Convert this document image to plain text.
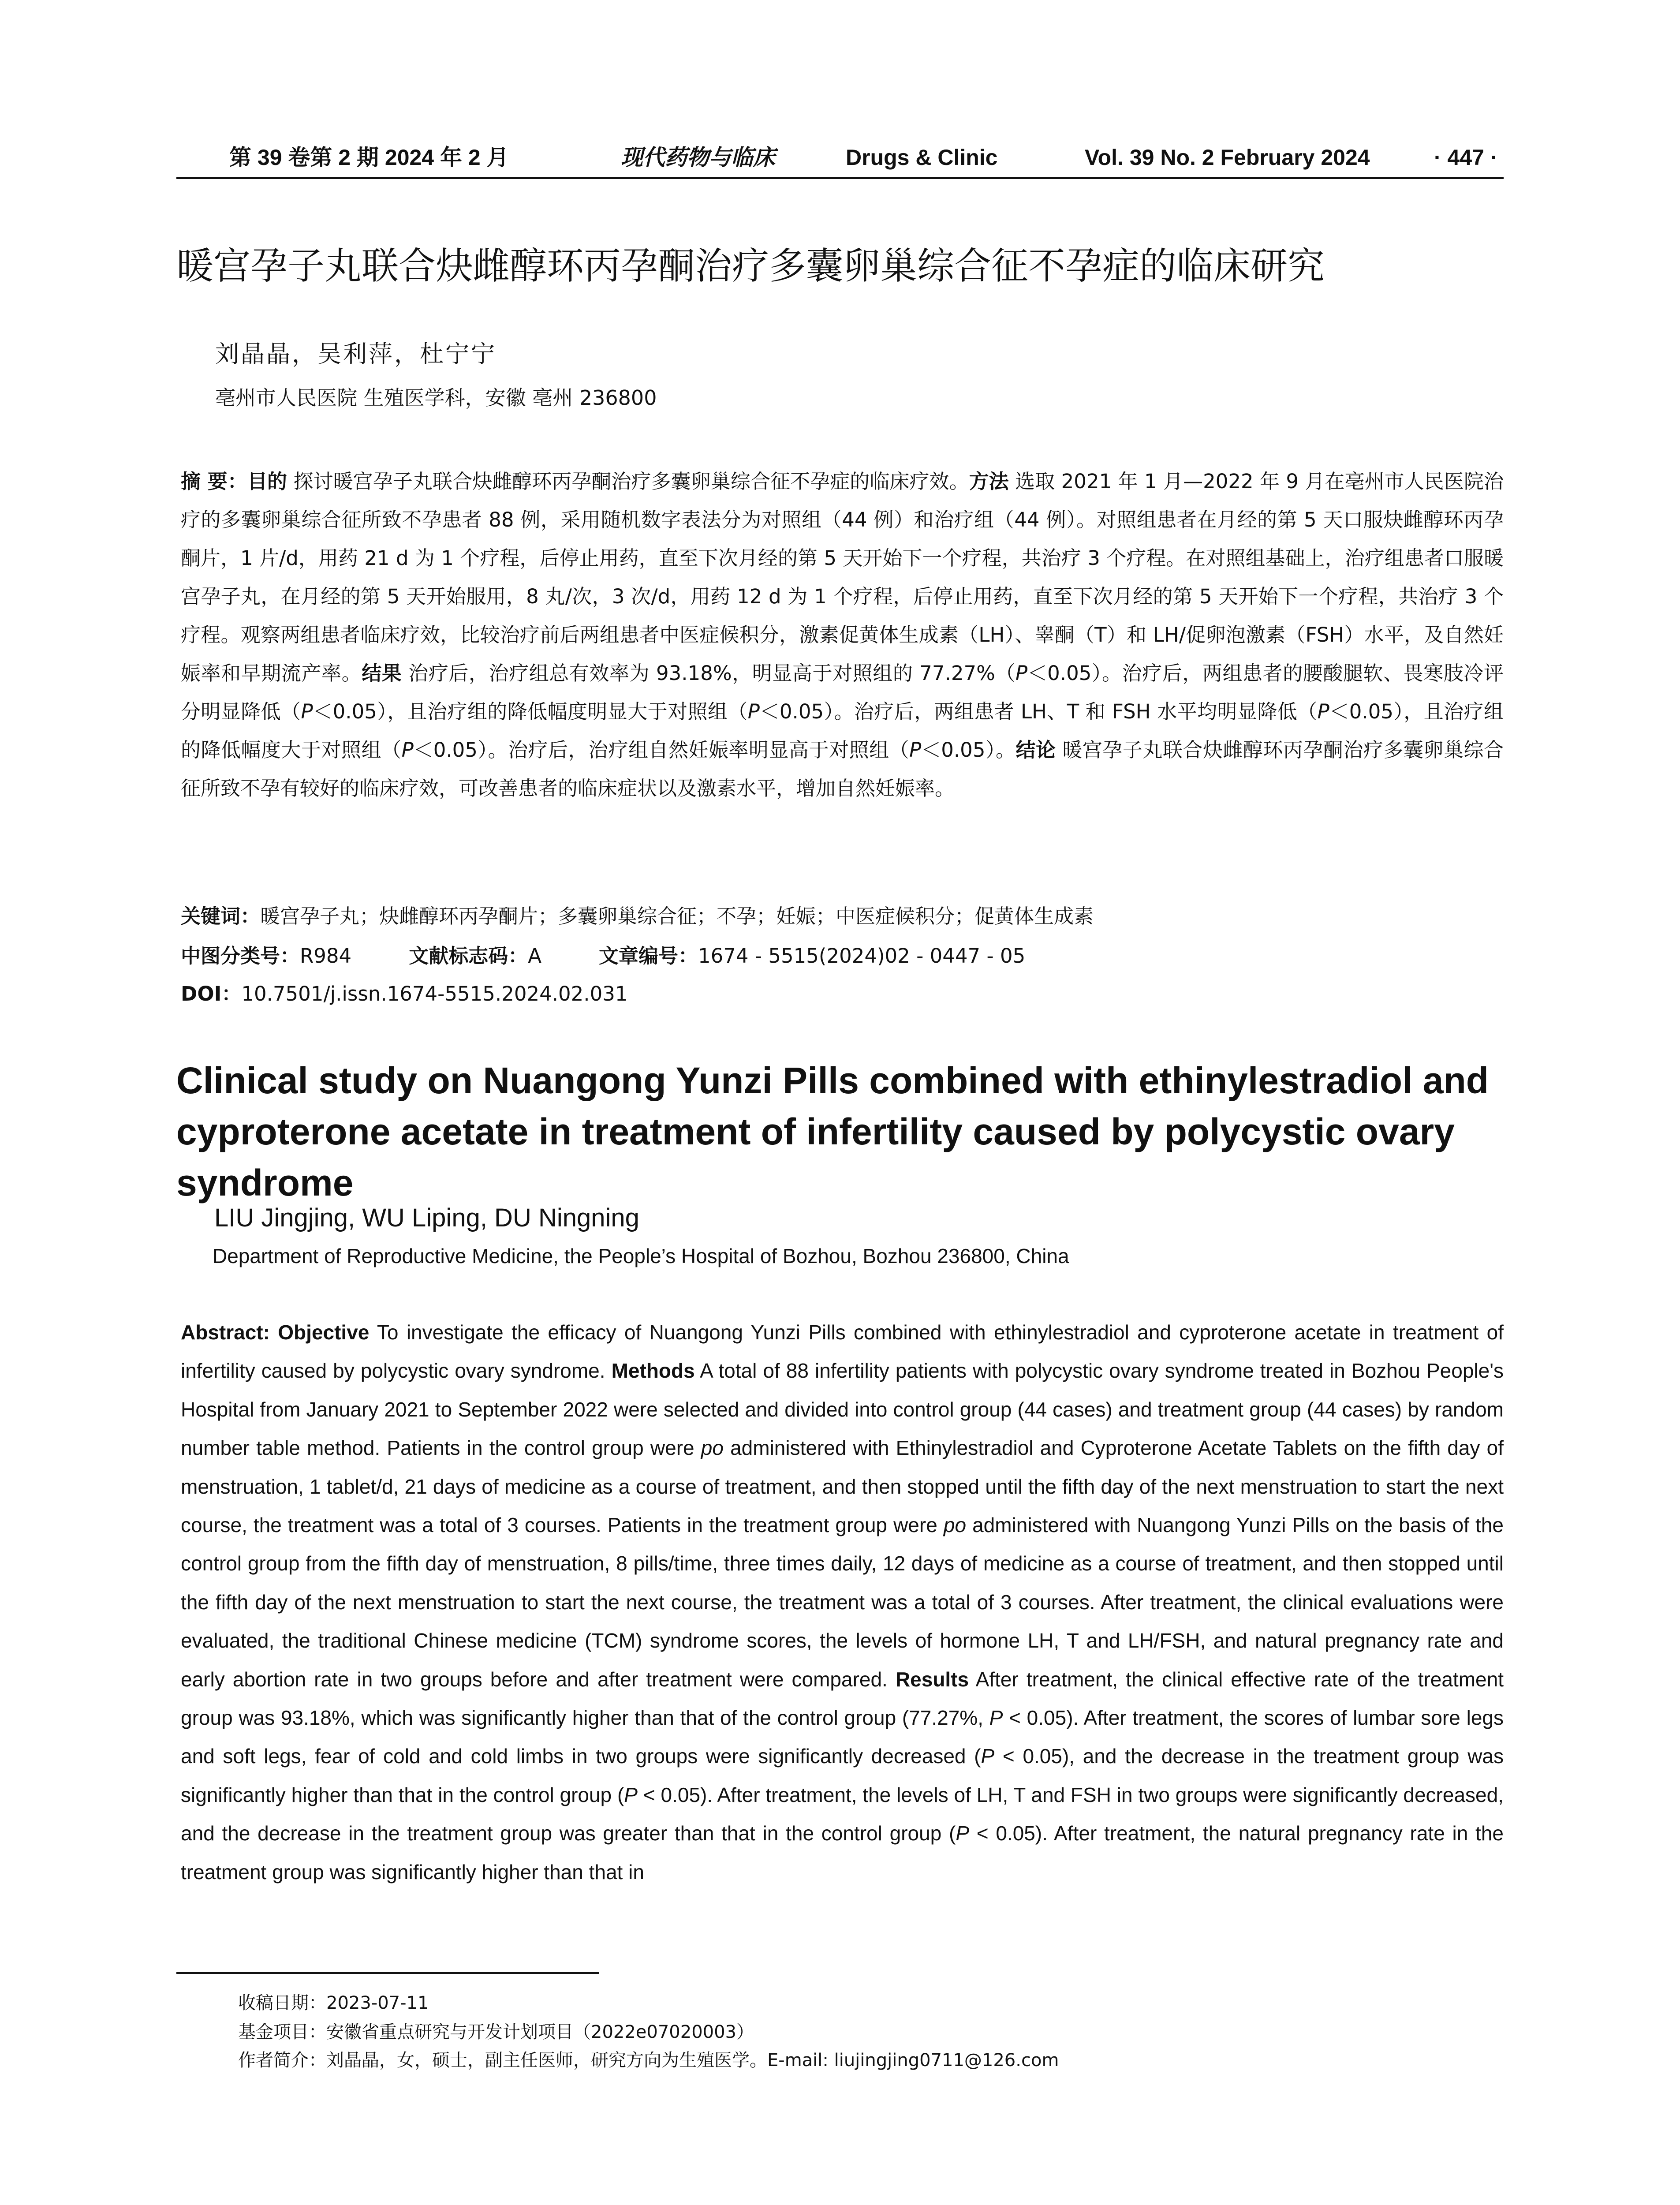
第 39 卷第 2 期 2024 年 2 月	现代药物与临床	Drugs & Clinic	Vol. 39 No. 2 February 2024	· 447 ·
暖宫孕子丸联合炔雌醇环丙孕酮治疗多囊卵巢综合征不孕症的临床研究
刘晶晶，吴利萍，杜宁宁
亳州市人民医院 生殖医学科，安徽 亳州 236800
摘 要：目的 探讨暖宫孕子丸联合炔雌醇环丙孕酮治疗多囊卵巢综合征不孕症的临床疗效。方法 选取 2021 年 1 月—2022 年 9 月在亳州市人民医院治疗的多囊卵巢综合征所致不孕患者 88 例，采用随机数字表法分为对照组（44 例）和治疗组（44 例）。对照组患者在月经的第 5 天口服炔雌醇环丙孕酮片，1 片/d，用药 21 d 为 1 个疗程，后停止用药，直至下次月经的第 5 天开始下一个疗程，共治疗 3 个疗程。在对照组基础上，治疗组患者口服暖宫孕子丸，在月经的第 5 天开始服用，8 丸/次，3 次/d，用药 12 d 为 1 个疗程，后停止用药，直至下次月经的第 5 天开始下一个疗程，共治疗 3 个疗程。观察两组患者临床疗效，比较治疗前后两组患者中医症候积分，激素促黄体生成素（LH）、睾酮（T）和 LH/促卵泡激素（FSH）水平，及自然妊娠率和早期流产率。结果 治疗后，治疗组总有效率为 93.18%，明显高于对照组的 77.27%（P＜0.05）。治疗后，两组患者的腰酸腿软、畏寒肢冷评分明显降低（P＜0.05），且治疗组的降低幅度明显大于对照组（P＜0.05）。治疗后，两组患者 LH、T 和 FSH 水平均明显降低（P＜0.05），且治疗组的降低幅度大于对照组（P＜0.05）。治疗后，治疗组自然妊娠率明显高于对照组（P＜0.05）。结论 暖宫孕子丸联合炔雌醇环丙孕酮治疗多囊卵巢综合征所致不孕有较好的临床疗效，可改善患者的临床症状以及激素水平，增加自然妊娠率。
关键词：暖宫孕子丸；炔雌醇环丙孕酮片；多囊卵巢综合征；不孕；妊娠；中医症候积分；促黄体生成素
中图分类号：R984	文献标志码：A	文章编号：1674 - 5515(2024)02 - 0447 - 05
DOI：10.7501/j.issn.1674-5515.2024.02.031
Clinical study on Nuangong Yunzi Pills combined with ethinylestradiol and cyproterone acetate in treatment of infertility caused by polycystic ovary syndrome
LIU Jingjing, WU Liping, DU Ningning
Department of Reproductive Medicine, the People’s Hospital of Bozhou, Bozhou 236800, China
Abstract: Objective To investigate the efficacy of Nuangong Yunzi Pills combined with ethinylestradiol and cyproterone acetate in treatment of infertility caused by polycystic ovary syndrome. Methods A total of 88 infertility patients with polycystic ovary syndrome treated in Bozhou People's Hospital from January 2021 to September 2022 were selected and divided into control group (44 cases) and treatment group (44 cases) by random number table method. Patients in the control group were po administered with Ethinylestradiol and Cyproterone Acetate Tablets on the fifth day of menstruation, 1 tablet/d, 21 days of medicine as a course of treatment, and then stopped until the fifth day of the next menstruation to start the next course, the treatment was a total of 3 courses. Patients in the treatment group were po administered with Nuangong Yunzi Pills on the basis of the control group from the fifth day of menstruation, 8 pills/time, three times daily, 12 days of medicine as a course of treatment, and then stopped until the fifth day of the next menstruation to start the next course, the treatment was a total of 3 courses. After treatment, the clinical evaluations were evaluated, the traditional Chinese medicine (TCM) syndrome scores, the levels of hormone LH, T and LH/FSH, and natural pregnancy rate and early abortion rate in two groups before and after treatment were compared. Results After treatment, the clinical effective rate of the treatment group was 93.18%, which was significantly higher than that of the control group (77.27%, P < 0.05). After treatment, the scores of lumbar sore legs and soft legs, fear of cold and cold limbs in two groups were significantly decreased (P < 0.05), and the decrease in the treatment group was significantly higher than that in the control group (P < 0.05). After treatment, the levels of LH, T and FSH in two groups were significantly decreased, and the decrease in the treatment group was greater than that in the control group (P < 0.05). After treatment, the natural pregnancy rate in the treatment group was significantly higher than that in
收稿日期：2023-07-11
基金项目：安徽省重点研究与开发计划项目（2022e07020003）
作者简介：刘晶晶，女，硕士，副主任医师，研究方向为生殖医学。E-mail: liujingjing0711@126.com
